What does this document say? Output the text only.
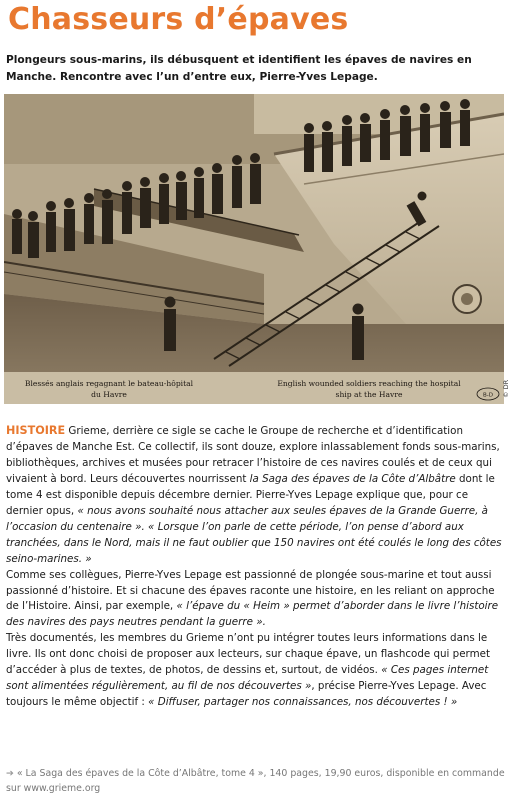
Chasseurs d’épaves

Plongeurs sous-marins, ils débusquent et identifient les épaves de navires en Manche. Rencontre avec l’un d’entre eux, Pierre-Yves Lepage.

Blessés anglais regagnant le bateau-hôpital
du Havre
English wounded soldiers reaching the hospital
ship at the Havre	B-D © DR

HISTOIRE Grieme, derrière ce sigle se cache le Groupe de recherche et d’identification d’épaves de Manche Est. Ce collectif, ils sont douze, explore inlassablement fonds sous-marins, bibliothèques, archives et musées pour retracer l’histoire de ces navires coulés et de ceux qui vivaient à bord. Leurs découvertes nourrissent la Saga des épaves de la Côte d’Albâtre dont le tome 4 est disponible depuis décembre dernier. Pierre-Yves Lepage explique que, pour ce dernier opus, « nous avons souhaité nous attacher aux seules épaves de la Grande Guerre, à l’occasion du centenaire ». « Lorsque l’on parle de cette période, l’on pense d’abord aux tranchées, dans le Nord, mais il ne faut oublier que 150 navires ont été coulés le long des côtes seino-marines. »

Comme ses collègues, Pierre-Yves Lepage est passionné de plongée sous-marine et tout aussi passionné d’histoire. Et si chacune des épaves raconte une histoire, en les reliant on approche de l’Histoire. Ainsi, par exemple, « l’épave du « Heim » permet d’aborder dans le livre l’histoire des navires des pays neutres pendant la guerre ».

Très documentés, les membres du Grieme n’ont pu intégrer toutes leurs informations dans le livre. Ils ont donc choisi de proposer aux lecteurs, sur chaque épave, un flashcode qui permet d’accéder à plus de textes, de photos, de dessins et, surtout, de vidéos. « Ces pages internet sont alimentées régulièrement, au fil de nos découvertes », précise Pierre-Yves Lepage. Avec toujours le même objectif : « Diffuser, partager nos connaissances, nos découvertes ! »

➔ « La Saga des épaves de la Côte d’Albâtre, tome 4 », 140 pages, 19,90 euros, disponible en commande sur www.grieme.org
